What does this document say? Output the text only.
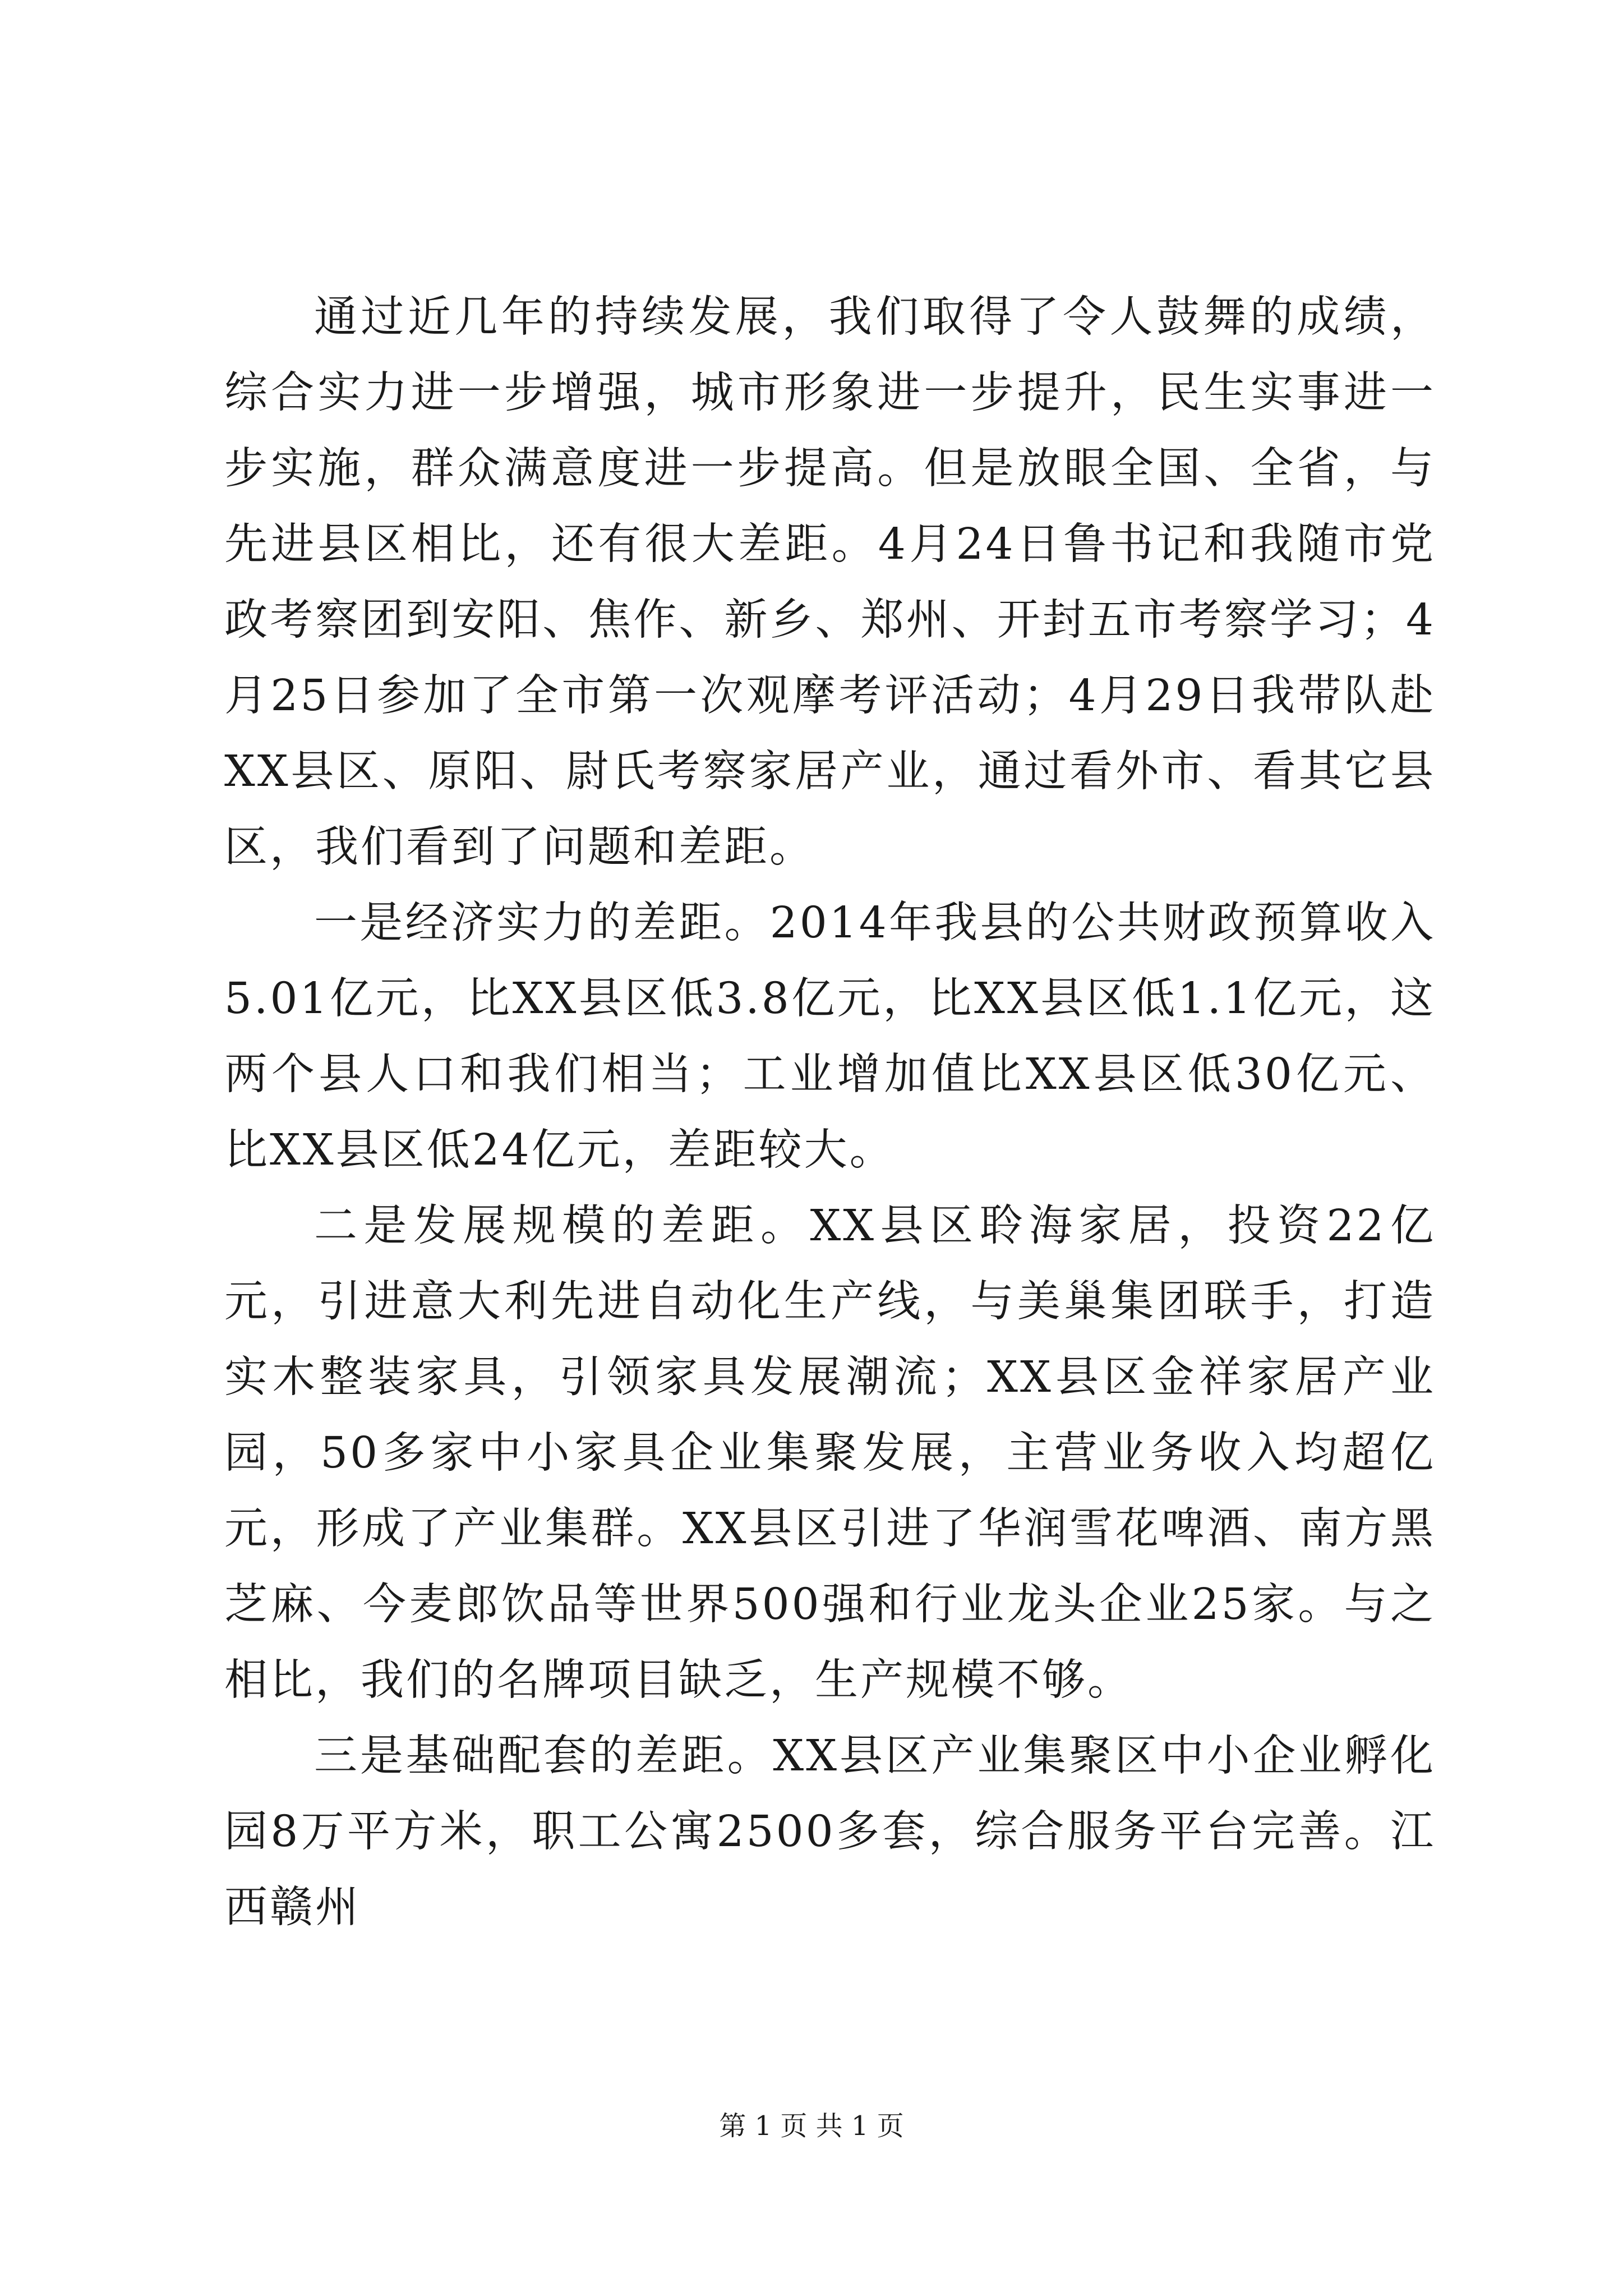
通过近几年的持续发展，我们取得了令人鼓舞的成绩，综合实力进一步增强，城市形象进一步提升，民生实事进一步实施，群众满意度进一步提高。但是放眼全国、全省，与先进县区相比，还有很大差距。4月24日鲁书记和我随市党政考察团到安阳、焦作、新乡、郑州、开封五市考察学习；4月25日参加了全市第一次观摩考评活动；4月29日我带队赴XX县区、原阳、尉氏考察家居产业，通过看外市、看其它县区，我们看到了问题和差距。

一是经济实力的差距。2014年我县的公共财政预算收入5.01亿元，比XX县区低3.8亿元，比XX县区低1.1亿元，这两个县人口和我们相当；工业增加值比XX县区低30亿元、比XX县区低24亿元，差距较大。

二是发展规模的差距。XX县区聆海家居，投资22亿元，引进意大利先进自动化生产线，与美巢集团联手，打造实木整装家具，引领家具发展潮流；XX县区金祥家居产业园，50多家中小家具企业集聚发展，主营业务收入均超亿元，形成了产业集群。XX县区引进了华润雪花啤酒、南方黑芝麻、今麦郎饮品等世界500强和行业龙头企业25家。与之相比，我们的名牌项目缺乏，生产规模不够。

三是基础配套的差距。XX县区产业集聚区中小企业孵化园8万平方米，职工公寓2500多套，综合服务平台完善。江西赣州

第 1 页 共 1 页
